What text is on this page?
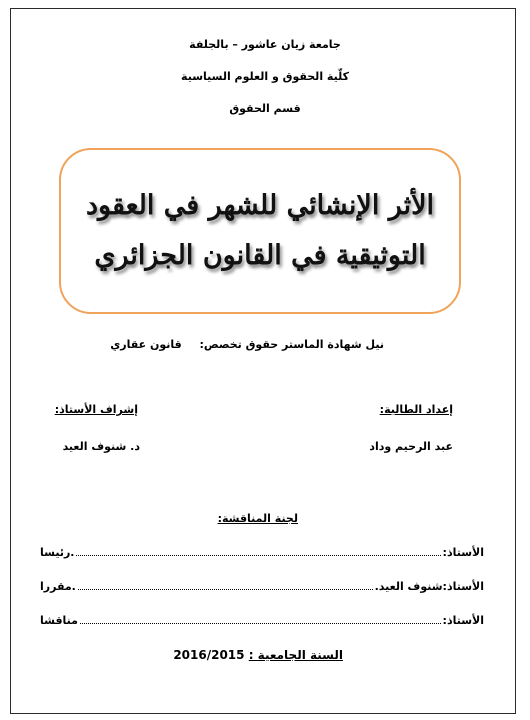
جامعة زيان عاشور – بالجلفة
كلّية الحقوق و العلوم السياسية
قسم الحقوق
الأثر الإنشائي للشهر في العقود
التوثيقية في القانون الجزائري
نيل شهادة الماستر حقوق تخصص:  قانون عقاري
إعداد الطالبة:
عبد الرحيم وداد
إشراف الأستاذ:
د. شنوف العيد
لجنة المناقشة:
الأستاذ:
.رئيسا
الأستاذ:
شنوف العيد.
.مقررا
الأستاذ:
مناقشا
السنة الجامعية : 2016/2015
